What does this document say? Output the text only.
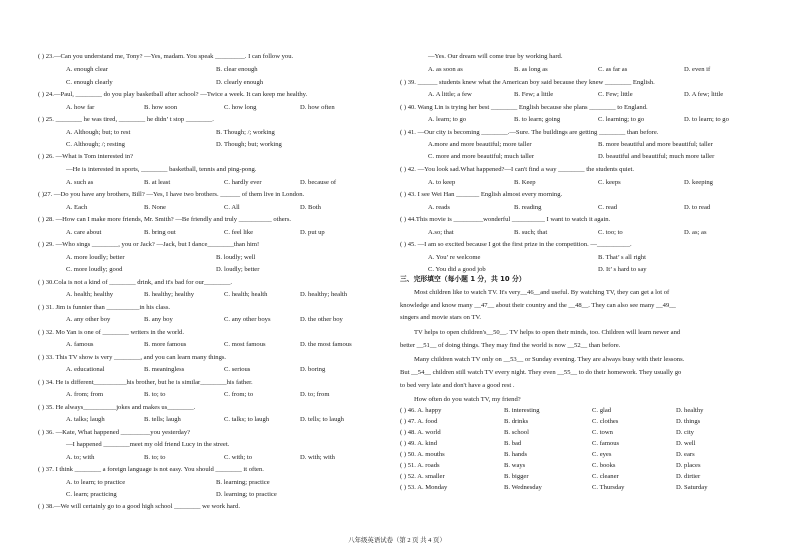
( ) 23.—Can you understand me, Tony? —Yes, madam. You speak _________. I can follow you.
A. enough clear	B. clear enough
C. enough clearly	D. clearly enough
( ) 24.—Paul, ________ do you play basketball after school? —Twice a week. It can keep me healthy.
A. how far	B. how soon	C. how long	D. how often
( ) 25. ________ he was tired, ________ he didn’ t stop ________.
A. Although; but; to rest	B. Though; /; working
C. Although; /; resting	D. Though; but; working
( ) 26. —What is Tom interested in?
—He is interested in sports, ________ basketball, tennis and ping-pong.
A. such as	B. at least	C. hardly ever	D. because of
( )27. —Do you have any brothers, Bill? —Yes, I have two brothers. ______ of them live in London.
A. Each	B. None	C. All	D. Both
( ) 28. —How can I make more friends, Mr. Smith? —Be friendly and truly __________ others.
A. care about	B. bring out	C. feel like	D. put up
( ) 29. —Who sings ________, you or Jack? —Jack, but I dance________than him!
A. more loudly; better	B. loudly; well
C. more loudly; good	D. loudly; better
( ) 30.Cola is not a kind of ________ drink, and it's bad for our________.
A. health; healthy	B. healthy; healthy	C. health; health	D. healthy; health
( ) 31. Jim is funnier than __________in his class.
A. any other boy	B. any boy	C. any other boys	D. the other boy
( ) 32. Mo Yan is one of ________ writers in the world.
A. famous	B. more famous	C. most famous	D. the most famous
( ) 33. This TV show is very ________, and you can learn many things.
A. educational	B. meaningless	C. serious	D. boring
( ) 34. He is different__________his brother, but he is similar________his father.
A. from; from	B. to; to	C. from; to	D. to; from
( ) 35. He always__________jokes and makes us________.
A. talks; laugh	B. tells; laugh	C. talks; to laugh	D. tells; to laugh
( ) 36. —Kate, What happened _________you yesterday?
—I happened ________meet my old friend Lucy in the street.
A. to; with	B. to; to	C. with; to	D. with; with
( ) 37. I think ________ a foreign language is not easy. You should ________ it often.
A. to learn; to practice	B. learning; practice
C. learn; practicing	D. learning; to practice
( ) 38.—We will certainly go to a good high school ________ we work hard.
—Yes. Our dream will come true by working hard.
A. as soon as	B. as long as	C. as far as	D. even if
( ) 39. ______ students knew what the American boy said because they knew ________ English.
A. A little; a few	B. Few; a little	C. Few; little	D. A few; little
( ) 40. Wang Lin is trying her best ________ English because she plans ________ to England.
A. learn; to go	B. to learn; going	C. learning; to go	D. to learn; to go
( ) 41. —Our city is becoming ________.—Sure. The buildings are getting ________ than before.
A.more and more beautiful; more taller	B. more beautiful and more beautiful; taller
C. more and more beautiful; much taller	D. beautiful and beautiful; much more taller
( ) 42. —You look sad.What happened?—I can't find a way ________ the students quiet.
A. to keep	B. Keep	C. keeps	D. keeping
( ) 43. I see Wei Han _______ English almost every morning.
A. reads	B. reading	C. read	D. to read
( ) 44.This movie is _________wonderful __________ I want to watch it again.
A.so; that	B. such; that	C. too; to	D. as; as
( ) 45. —I am so excited because I got the first prize in the competition. —__________.
A. You’ re welcome	B. That’ s all right
C. You did a good job	D. It’ s hard to say
三、完形填空（每小题 1 分，共 10 分）
Most children like to watch TV. It's very__46__and useful. By watching TV, they can get a lot of
knowledge and know many __47__ about their country and the __48__. They can also see many __49__
singers and movie stars on TV.
TV helps to open children's__50__. TV helps to open their minds, too. Children will learn newer and
better __51__ of doing things. They may find the world is now __52__ than before.
Many children watch TV only on __53__ or Sunday evening. They are always busy with their lessons.
But __54__ children still watch TV every night. They even __55__ to do their homework. They usually go
to bed very late and don't have a good rest .
How often do you watch TV, my friend?
( ) 46. A. happy	B. interesting	C. glad	D. healthy
( ) 47. A. food	B. drinks	C. clothes	D. things
( ) 48. A. world	B. school	C. town	D. city
( ) 49. A. kind	B. bad	C. famous	D. well
( ) 50. A. mouths	B. hands	C. eyes	D. ears
( ) 51. A. roads	B. ways	C. books	D. places
( ) 52. A. smaller	B. bigger	C. cleaner	D. dirtier
( ) 53. A. Monday	B. Wednesday	C. Thursday	D. Saturday
八年级英语试卷（第 2 页 共 4 页）
